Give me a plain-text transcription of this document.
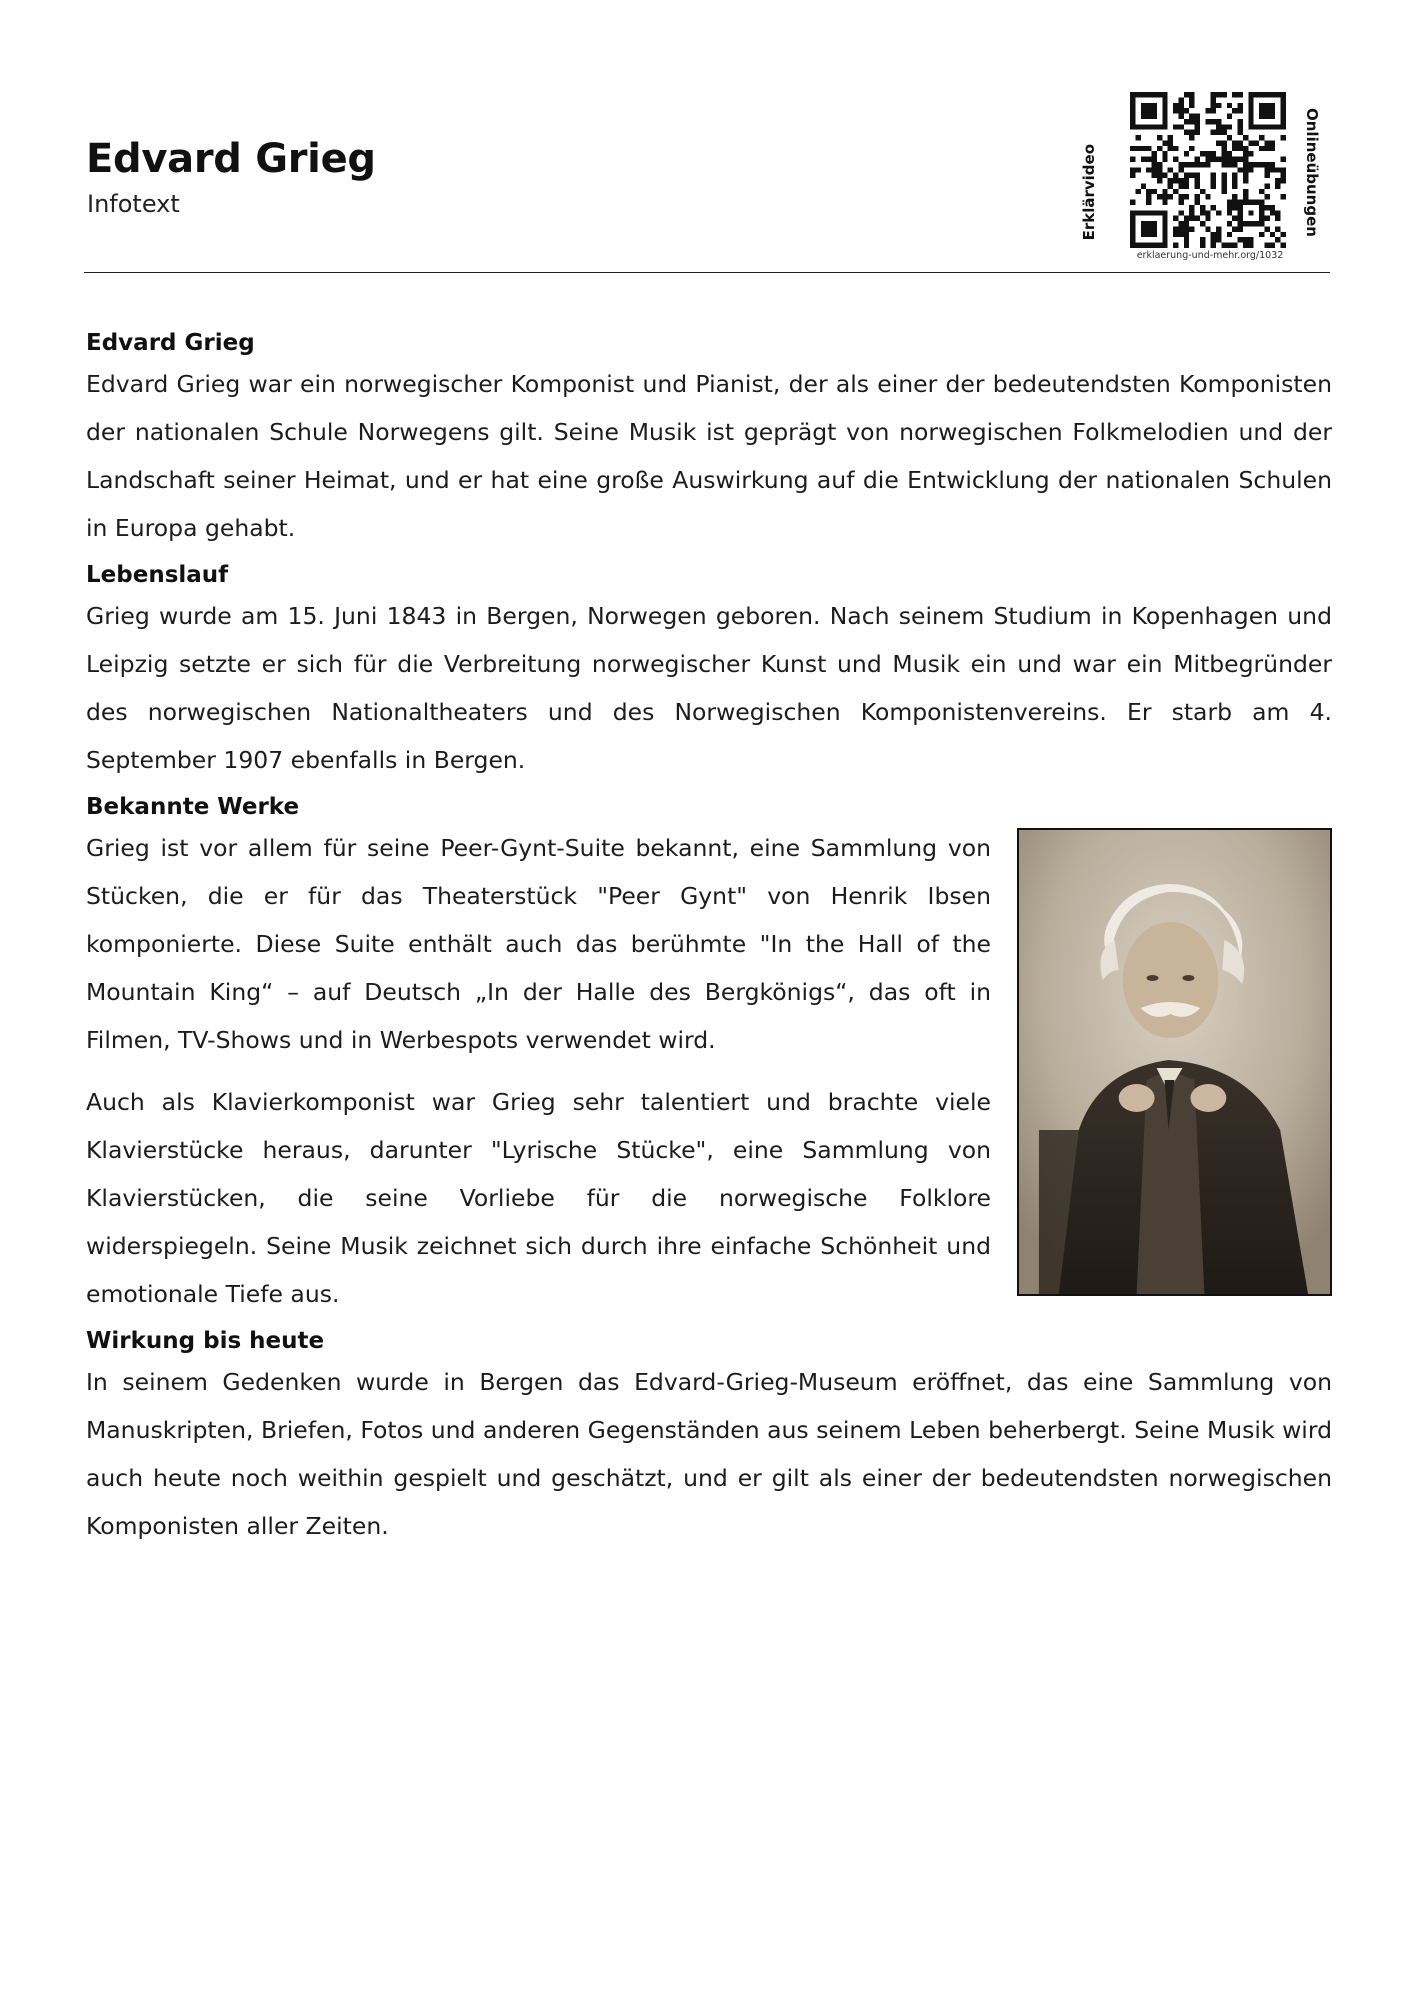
Edvard Grieg

Infotext	Erklärvideo	Onlineübungen
erklaerung-und-mehr.org/1032
Edvard Grieg

Edvard Grieg war ein norwegischer Komponist und Pianist, der als einer der bedeutendsten Komponisten der nationalen Schule Norwegens gilt. Seine Musik ist geprägt von norwegischen Folkmelodien und der Landschaft seiner Heimat, und er hat eine große Auswirkung auf die Entwicklung der nationalen Schulen in Europa gehabt.

Lebenslauf

Grieg wurde am 15. Juni 1843 in Bergen, Norwegen geboren. Nach seinem Studium in Kopenhagen und Leipzig setzte er sich für die Verbreitung norwegischer Kunst und Musik ein und war ein Mitbegründer des norwegischen Nationaltheaters und des Norwegischen Komponistenvereins. Er starb am 4. September 1907 ebenfalls in Bergen.

Bekannte Werke

Grieg ist vor allem für seine Peer-Gynt-Suite bekannt, eine Sammlung von Stücken, die er für das Theaterstück "Peer Gynt" von Henrik Ibsen komponierte. Diese Suite enthält auch das berühmte "In the Hall of the Mountain King“ – auf Deutsch „In der Halle des Bergkönigs“, das oft in Filmen, TV-Shows und in Werbespots verwendet wird.

Auch als Klavierkomponist war Grieg sehr talentiert und brachte viele Klavierstücke heraus, darunter "Lyrische Stücke", eine Sammlung von Klavierstücken, die seine Vorliebe für die norwegische Folklore widerspiegeln. Seine Musik zeichnet sich durch ihre einfache Schönheit und emotionale Tiefe aus.

Wirkung bis heute

In seinem Gedenken wurde in Bergen das Edvard-Grieg-Museum eröffnet, das eine Sammlung von Manuskripten, Briefen, Fotos und anderen Gegenständen aus seinem Leben beherbergt. Seine Musik wird auch heute noch weithin gespielt und geschätzt, und er gilt als einer der bedeutendsten norwegischen Komponisten aller Zeiten.
